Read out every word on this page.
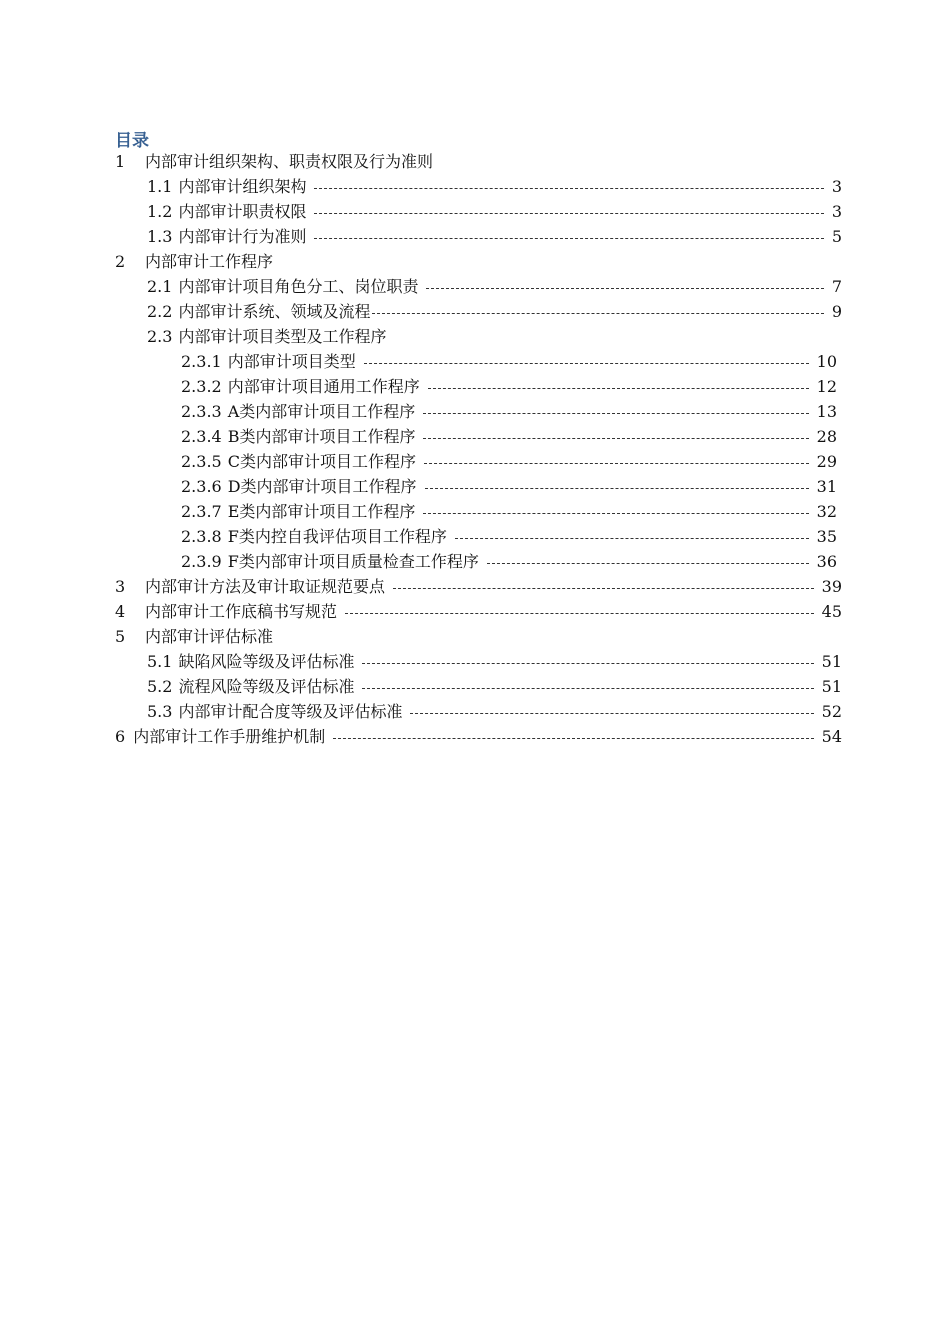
目录
1	内部审计组织架构、职责权限及行为准则
1.1 内部审计组织架构	3
1.2 内部审计职责权限	3
1.3 内部审计行为准则	5
2	内部审计工作程序
2.1 内部审计项目角色分工、岗位职责	7
2.2 内部审计系统、领域及流程	9
2.3 内部审计项目类型及工作程序
2.3.1 内部审计项目类型	10
2.3.2 内部审计项目通用工作程序	12
2.3.3 A类内部审计项目工作程序	13
2.3.4 B类内部审计项目工作程序	28
2.3.5 C类内部审计项目工作程序	29
2.3.6 D类内部审计项目工作程序	31
2.3.7 E类内部审计项目工作程序	32
2.3.8 F类内控自我评估项目工作程序	35
2.3.9 F类内部审计项目质量检查工作程序	36
3	内部审计方法及审计取证规范要点	39
4	内部审计工作底稿书写规范	45
5	内部审计评估标准
5.1 缺陷风险等级及评估标准	51
5.2 流程风险等级及评估标准	51
5.3 内部审计配合度等级及评估标准	52
6 内部审计工作手册维护机制	54
